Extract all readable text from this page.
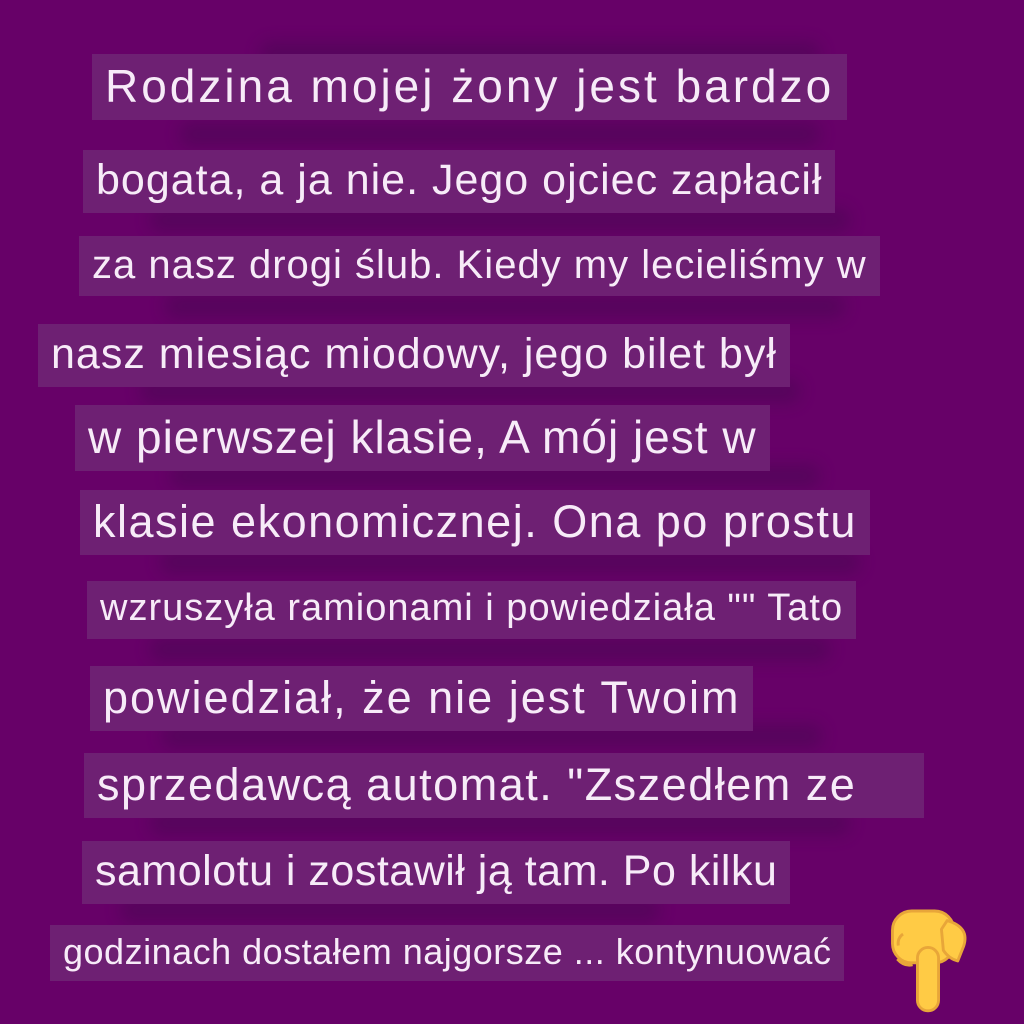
Rodzina mojej żony jest bardzo
bogata, a ja nie. Jego ojciec zapłacił
za nasz drogi ślub. Kiedy my lecieliśmy w
nasz miesiąc miodowy, jego bilet był
w pierwszej klasie, A mój jest w
klasie ekonomicznej. Ona po prostu
wzruszyła ramionami i powiedziała "" Tato
powiedział, że nie jest Twoim
sprzedawcą automat. "Zszedłem ze
samolotu i zostawił ją tam. Po kilku
godzinach dostałem najgorsze ... kontynuować
